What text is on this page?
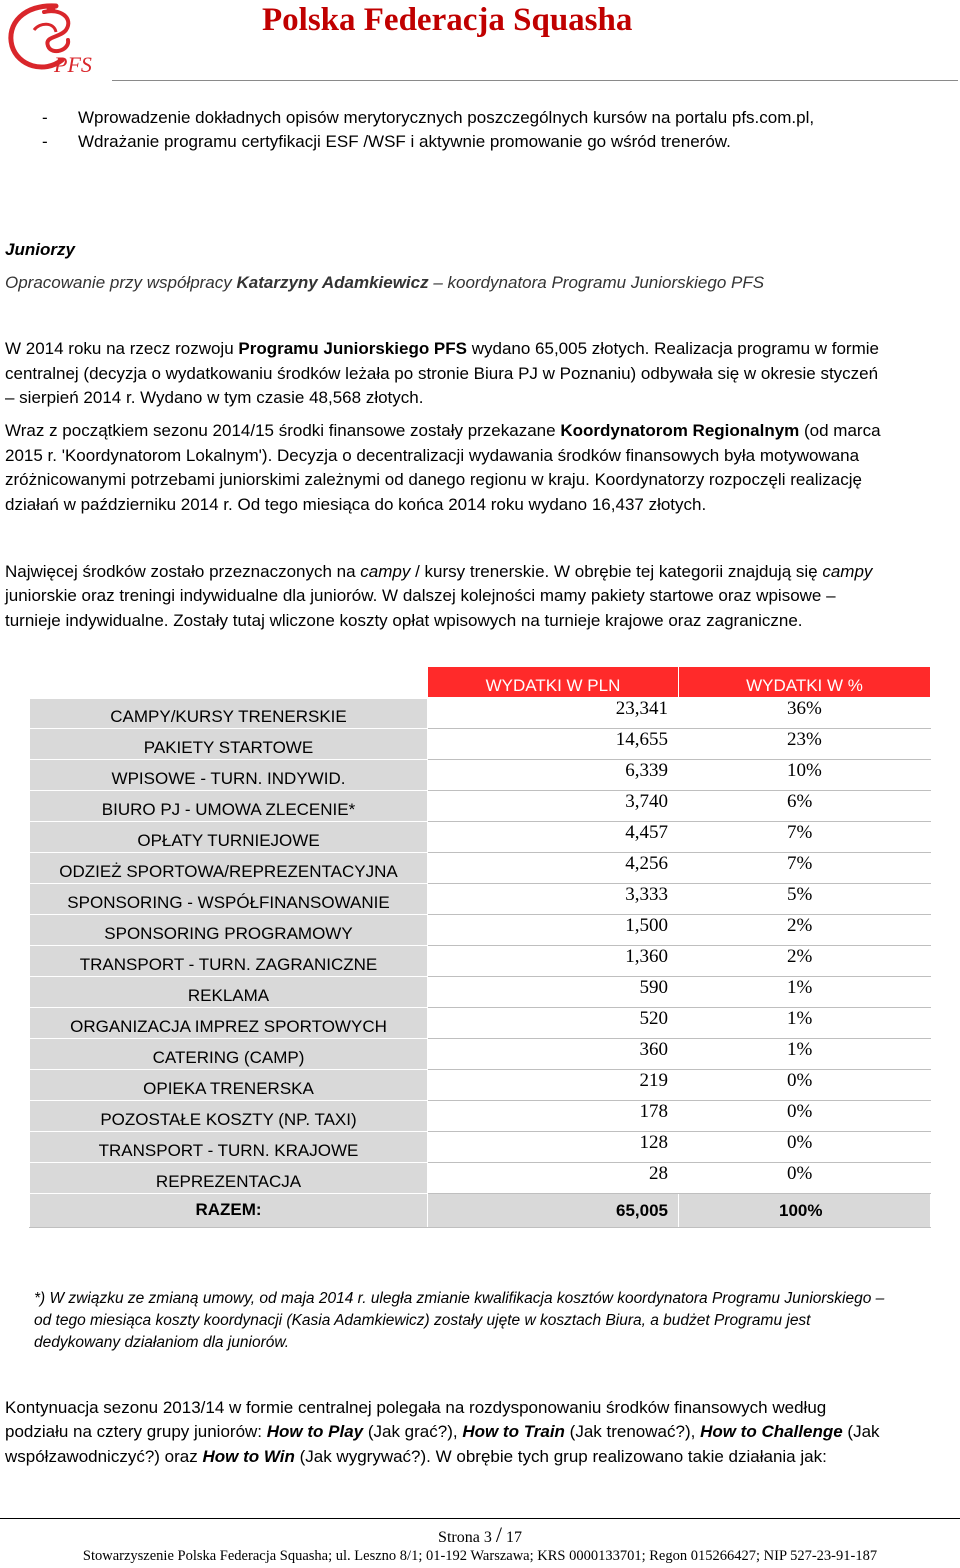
PFS
Polska Federacja Squasha
- Wprowadzenie dokładnych opisów merytorycznych poszczególnych kursów na portalu pfs.com.pl,
- Wdrażanie programu certyfikacji ESF /WSF i aktywnie promowanie go wśród trenerów.
Juniorzy
Opracowanie przy współpracy Katarzyny Adamkiewicz – koordynatora Programu Juniorskiego PFS
W 2014 roku na rzecz rozwoju Programu Juniorskiego PFS wydano 65,005 złotych. Realizacja programu w formie
centralnej (decyzja o wydatkowaniu środków leżała po stronie Biura PJ w Poznaniu) odbywała się w okresie styczeń
– sierpień 2014 r. Wydano w tym czasie 48,568 złotych.
Wraz z początkiem sezonu 2014/15 środki finansowe zostały przekazane Koordynatorom Regionalnym (od marca
2015 r. 'Koordynatorom Lokalnym'). Decyzja o decentralizacji wydawania środków finansowych była motywowana
zróżnicowanymi potrzebami juniorskimi zależnymi od danego regionu w kraju. Koordynatorzy rozpoczęli realizację
działań w październiku 2014 r. Od tego miesiąca do końca 2014 roku wydano 16,437 złotych.
Najwięcej środków zostało przeznaczonych na campy / kursy trenerskie. W obrębie tej kategorii znajdują się campy
juniorskie oraz treningi indywidualne dla juniorów. W dalszej kolejności mamy pakiety startowe oraz wpisowe –
turnieje indywidualne. Zostały tutaj wliczone koszty opłat wpisowych na turnieje krajowe oraz zagraniczne.
	WYDATKI W PLN	WYDATKI W %
CAMPY/KURSY TRENERSKIE	23,341	36%
PAKIETY STARTOWE	14,655	23%
WPISOWE - TURN. INDYWID.	6,339	10%
BIURO PJ - UMOWA ZLECENIE*	3,740	6%
OPŁATY TURNIEJOWE	4,457	7%
ODZIEŻ SPORTOWA/REPREZENTACYJNA	4,256	7%
SPONSORING - WSPÓŁFINANSOWANIE	3,333	5%
SPONSORING PROGRAMOWY	1,500	2%
TRANSPORT - TURN. ZAGRANICZNE	1,360	2%
REKLAMA	590	1%
ORGANIZACJA IMPREZ SPORTOWYCH	520	1%
CATERING (CAMP)	360	1%
OPIEKA TRENERSKA	219	0%
POZOSTAŁE KOSZTY (NP. TAXI)	178	0%
TRANSPORT - TURN. KRAJOWE	128	0%
REPREZENTACJA	28	0%
RAZEM:	65,005	100%
*) W związku ze zmianą umowy, od maja 2014 r. uległa zmianie kwalifikacja kosztów koordynatora Programu Juniorskiego –
od tego miesiąca koszty koordynacji (Kasia Adamkiewicz) zostały ujęte w kosztach Biura, a budżet Programu jest
dedykowany działaniom dla juniorów.
Kontynuacja sezonu 2013/14 w formie centralnej polegała na rozdysponowaniu środków finansowych według
podziału na cztery grupy juniorów: How to Play (Jak grać?), How to Train (Jak trenować?), How to Challenge (Jak
współzawodniczyć?) oraz How to Win (Jak wygrywać?). W obrębie tych grup realizowano takie działania jak:
Strona 3 / 17
Stowarzyszenie Polska Federacja Squasha; ul. Leszno 8/1; 01-192 Warszawa; KRS 0000133701; Regon 015266427; NIP 527-23-91-187
